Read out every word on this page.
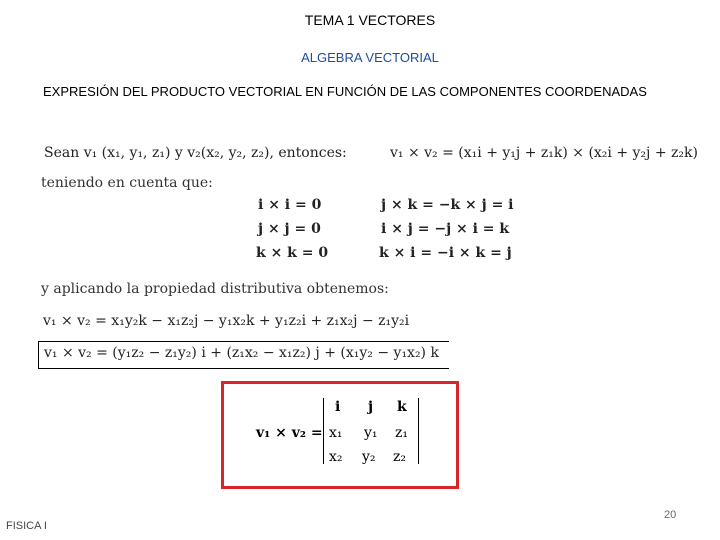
TEMA 1 VECTORES
ALGEBRA VECTORIAL
EXPRESIÓN DEL PRODUCTO VECTORIAL EN FUNCIÓN DE LAS COMPONENTES COORDENADAS
Sean v₁ (x₁, y₁, z₁) y v₂(x₂, y₂, z₂), entonces:	v₁ × v₂ = (x₁i + y₁j + z₁k) × (x₂i + y₂j + z₂k)
teniendo en cuenta que:
i × i = 0
j × j = 0
k × k = 0
j × k = −k × j = i
i × j = −j × i = k
k × i = −i × k = j
y aplicando la propiedad distributiva obtenemos:
v₁ × v₂ = x₁y₂k − x₁z₂j − y₁x₂k + y₁z₂i + z₁x₂j − z₁y₂i
v₁ × v₂ = (y₁z₂ − z₁y₂) i + (z₁x₂ − x₁z₂) j + (x₁y₂ − y₁x₂) k
v₁ × v₂ =
i j k
x₁ y₁ z₁
x₂ y₂ z₂
FISICA I
20
